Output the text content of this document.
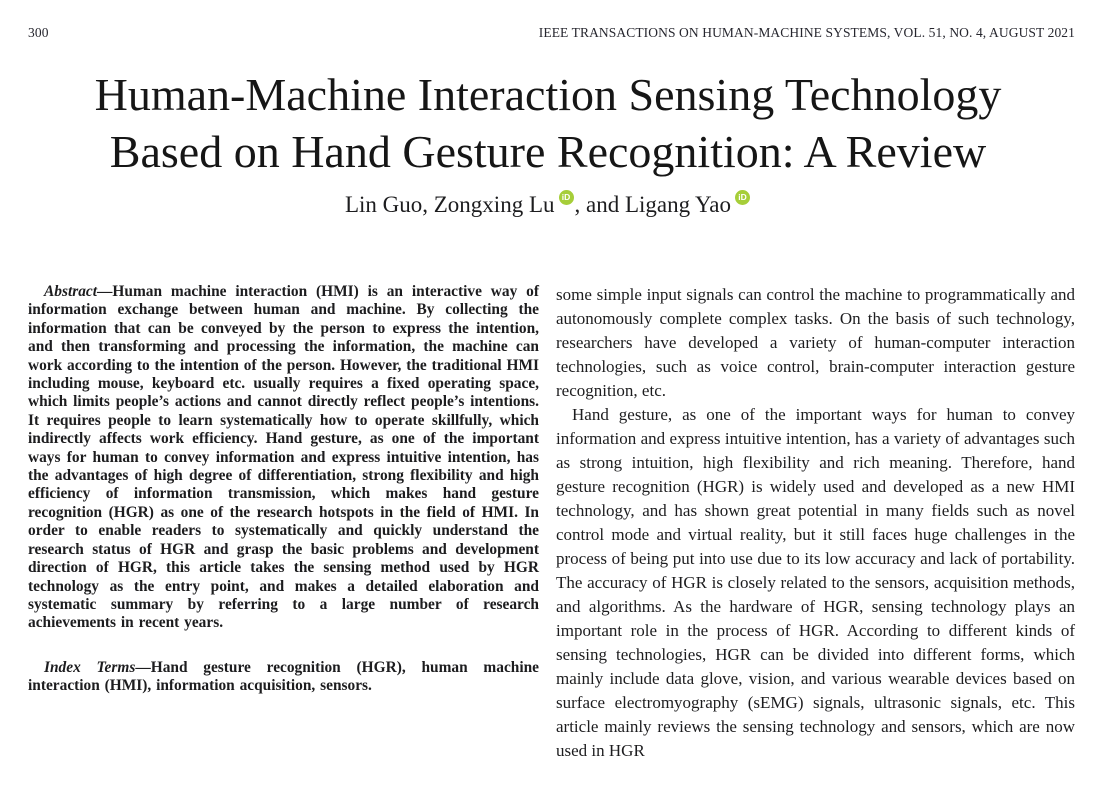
300	IEEE TRANSACTIONS ON HUMAN-MACHINE SYSTEMS, VOL. 51, NO. 4, AUGUST 2021
Human-Machine Interaction Sensing Technology
Based on Hand Gesture Recognition: A Review
Lin Guo, Zongxing Lu iD , and Ligang Yao iD

Abstract—Human machine interaction (HMI) is an interactive way of information exchange between human and machine. By collecting the information that can be conveyed by the person to express the intention, and then transforming and processing the information, the machine can work according to the intention of the person. However, the traditional HMI including mouse, keyboard etc. usually requires a fixed operating space, which limits people’s actions and cannot directly reflect people’s intentions. It requires people to learn systematically how to operate skillfully, which indirectly affects work efficiency. Hand gesture, as one of the important ways for human to convey information and express intuitive intention, has the advantages of high degree of differentiation, strong flexibility and high efficiency of information transmission, which makes hand gesture recognition (HGR) as one of the research hotspots in the field of HMI. In order to enable readers to systematically and quickly understand the research status of HGR and grasp the basic problems and development direction of HGR, this article takes the sensing method used by HGR technology as the entry point, and makes a detailed elaboration and systematic summary by referring to a large number of research achievements in recent years.

Index Terms—Hand gesture recognition (HGR), human machine interaction (HMI), information acquisition, sensors.

some simple input signals can control the machine to programmatically and autonomously complete complex tasks. On the basis of such technology, researchers have developed a variety of human-computer interaction technologies, such as voice control, brain-computer interaction gesture recognition, etc.

Hand gesture, as one of the important ways for human to convey information and express intuitive intention, has a variety of advantages such as strong intuition, high flexibility and rich meaning. Therefore, hand gesture recognition (HGR) is widely used and developed as a new HMI technology, and has shown great potential in many fields such as novel control mode and virtual reality, but it still faces huge challenges in the process of being put into use due to its low accuracy and lack of portability. The accuracy of HGR is closely related to the sensors, acquisition methods, and algorithms. As the hardware of HGR, sensing technology plays an important role in the process of HGR. According to different kinds of sensing technologies, HGR can be divided into different forms, which mainly include data glove, vision, and various wearable devices based on surface electromyography (sEMG) signals, ultrasonic signals, etc. This article mainly reviews the sensing technology and sensors, which are now used in HGR
